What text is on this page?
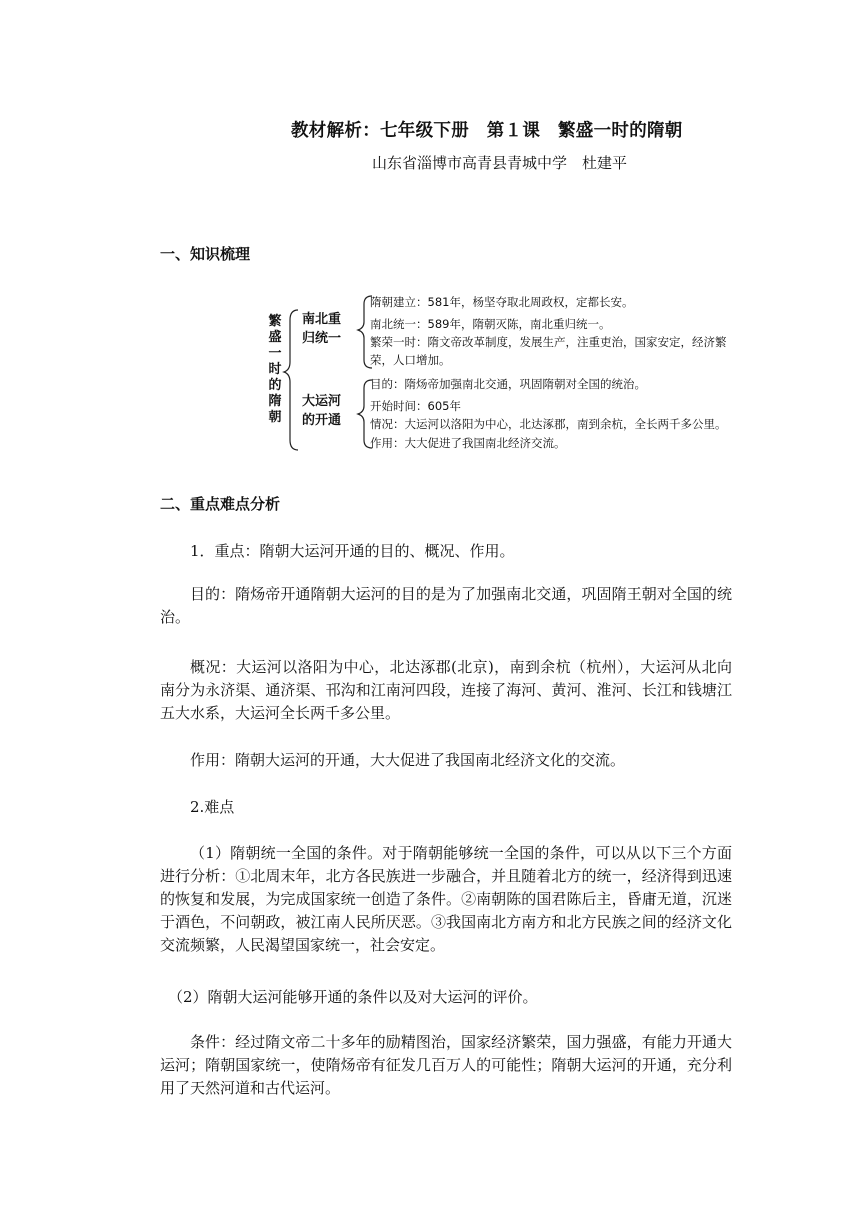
教材解析：七年级下册　第１课　繁盛一时的隋朝
山东省淄博市高青县青城中学　杜建平
一、知识梳理
繁盛一时的隋朝
南北重
归统一
大运河
的开通
隋朝建立：581年，杨坚夺取北周政权，定都长安。
南北统一：589年，隋朝灭陈，南北重归统一。
繁荣一时：隋文帝改革制度，发展生产，注重吏治，国家安定，经济繁
荣，人口增加。
目的：隋炀帝加强南北交通，巩固隋朝对全国的统治。
开始时间：605年
情况：大运河以洛阳为中心，北达涿郡，南到余杭，全长两千多公里。
作用：大大促进了我国南北经济交流。
二、重点难点分析
1．重点：隋朝大运河开通的目的、概况、作用。
目的：隋炀帝开通隋朝大运河的目的是为了加强南北交通，巩固隋王朝对全国的统治。
概况：大运河以洛阳为中心，北达涿郡(北京)，南到余杭（杭州），大运河从北向南分为永济渠、通济渠、邗沟和江南河四段，连接了海河、黄河、淮河、长江和钱塘江五大水系，大运河全长两千多公里。
作用：隋朝大运河的开通，大大促进了我国南北经济文化的交流。
2.难点
（1）隋朝统一全国的条件。对于隋朝能够统一全国的条件，可以从以下三个方面进行分析：①北周末年，北方各民族进一步融合，并且随着北方的统一，经济得到迅速的恢复和发展，为完成国家统一创造了条件。②南朝陈的国君陈后主，昏庸无道，沉迷于酒色，不问朝政，被江南人民所厌恶。③我国南北方南方和北方民族之间的经济文化交流频繁，人民渴望国家统一，社会安定。
（2）隋朝大运河能够开通的条件以及对大运河的评价。
条件：经过隋文帝二十多年的励精图治，国家经济繁荣，国力强盛，有能力开通大运河；隋朝国家统一，使隋炀帝有征发几百万人的可能性；隋朝大运河的开通，充分利用了天然河道和古代运河。
